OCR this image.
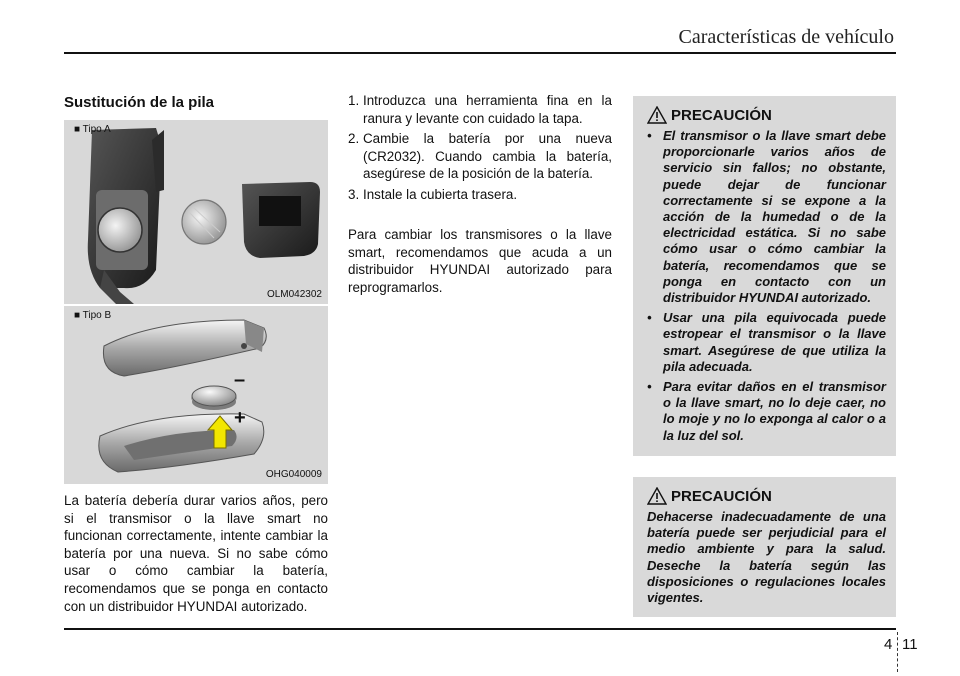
Características de vehículo
Sustitución de la pila
■ Tipo A
OLM042302
–
+
■ Tipo B
OHG040009
La batería debería durar varios años, pero si el transmisor o la llave smart no funcionan correctamente, intente cambiar la batería por una nueva. Si no sabe cómo usar o cómo cambiar la batería, recomendamos que se ponga en contacto con un distribuidor HYUNDAI autorizado.
1. Introduzca una herramienta fina en la ranura y levante con cuidado la tapa.
2. Cambie la batería por una nueva (CR2032). Cuando cambia la batería, asegúrese de la posición de la batería.
3. Instale la cubierta trasera.
Para cambiar los transmisores o la llave smart, recomendamos que acuda a un distribuidor HYUNDAI autorizado para reprogramarlos.
PRECAUCIÓN
• El transmisor o la llave smart debe proporcionarle varios años de servicio sin fallos; no obstante, puede dejar de funcionar correctamente si se expone a la acción de la humedad o de la electricidad estática. Si no sabe cómo usar o cómo cambiar la batería, recomendamos que se ponga en contacto con un distribuidor HYUNDAI autorizado.
• Usar una pila equivocada puede estropear el transmisor o la llave smart. Asegúrese de que utiliza la pila adecuada.
• Para evitar daños en el transmisor o la llave smart, no lo deje caer, no lo moje y no lo exponga al calor o a la luz del sol.
PRECAUCIÓN
Dehacerse inadecuadamente de una batería puede ser perjudicial para el medio ambiente y para la salud. Deseche la batería según las disposiciones o regulaciones locales vigentes.
4 11
